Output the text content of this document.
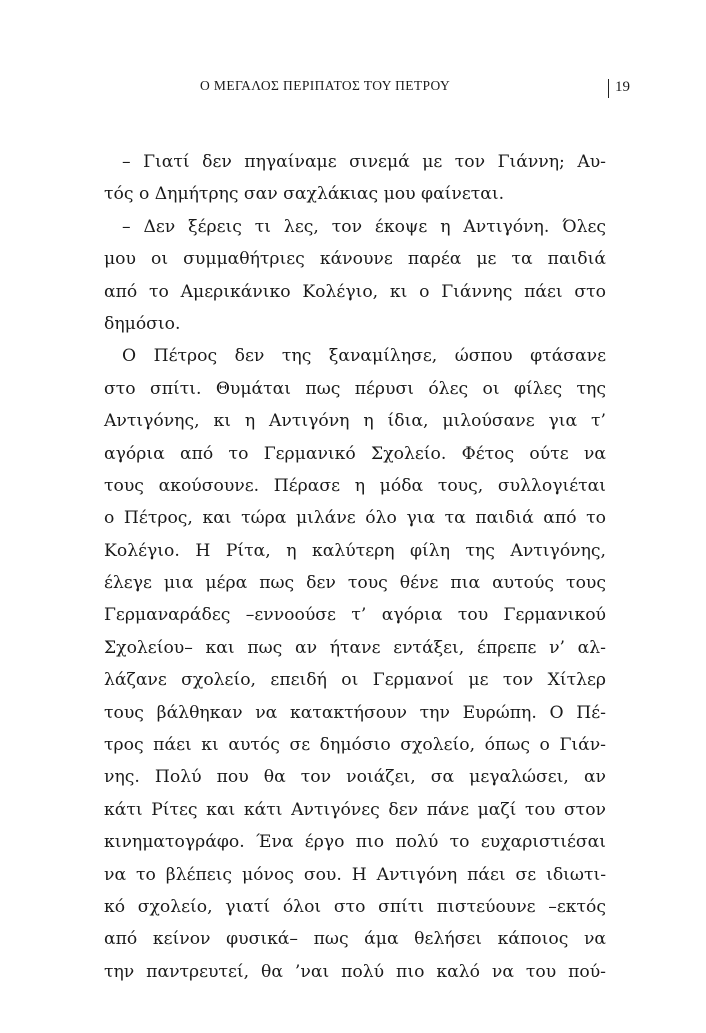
Ο ΜΕΓΑΛΟΣ ΠΕΡΙΠΑΤΟΣ ΤΟΥ ΠΕΤΡΟΥ	19
– Γιατί δεν πηγαίναμε σινεμά με τον Γιάννη; Αυ-
τός ο Δημήτρης σαν σαχλάκιας μου φαίνεται.
– Δεν ξέρεις τι λες, τον έκοψε η Αντιγόνη. Όλες
μου οι συμμαθήτριες κάνουνε παρέα με τα παιδιά
από το Αμερικάνικο Κολέγιο, κι ο Γιάννης πάει στο
δημόσιο.
Ο Πέτρος δεν της ξαναμίλησε, ώσπου φτάσανε
στο σπίτι. Θυμάται πως πέρυσι όλες οι φίλες της
Αντιγόνης, κι η Αντιγόνη η ίδια, μιλούσανε για τ’
αγόρια από το Γερμανικό Σχολείο. Φέτος ούτε να
τους ακούσουνε. Πέρασε η μόδα τους, συλλογιέται
ο Πέτρος, και τώρα μιλάνε όλο για τα παιδιά από το
Κολέγιο. Η Ρίτα, η καλύτερη φίλη της Αντιγόνης,
έλεγε μια μέρα πως δεν τους θένε πια αυτούς τους
Γερμαναράδες –εννοούσε τ’ αγόρια του Γερμανικού
Σχολείου– και πως αν ήτανε εντάξει, έπρεπε ν’ αλ-
λάζανε σχολείο, επειδή οι Γερμανοί με τον Χίτλερ
τους βάλθηκαν να κατακτήσουν την Ευρώπη. Ο Πέ-
τρος πάει κι αυτός σε δημόσιο σχολείο, όπως ο Γιάν-
νης. Πολύ που θα τον νοιάζει, σα μεγαλώσει, αν
κάτι Ρίτες και κάτι Αντιγόνες δεν πάνε μαζί του στον
κινηματογράφο. Ένα έργο πιο πολύ το ευχαριστιέσαι
να το βλέπεις μόνος σου. Η Αντιγόνη πάει σε ιδιωτι-
κό σχολείο, γιατί όλοι στο σπίτι πιστεύουνε –εκτός
από κείνον φυσικά– πως άμα θελήσει κάποιος να
την παντρευτεί, θα ’ναι πολύ πιο καλό να του πού-
